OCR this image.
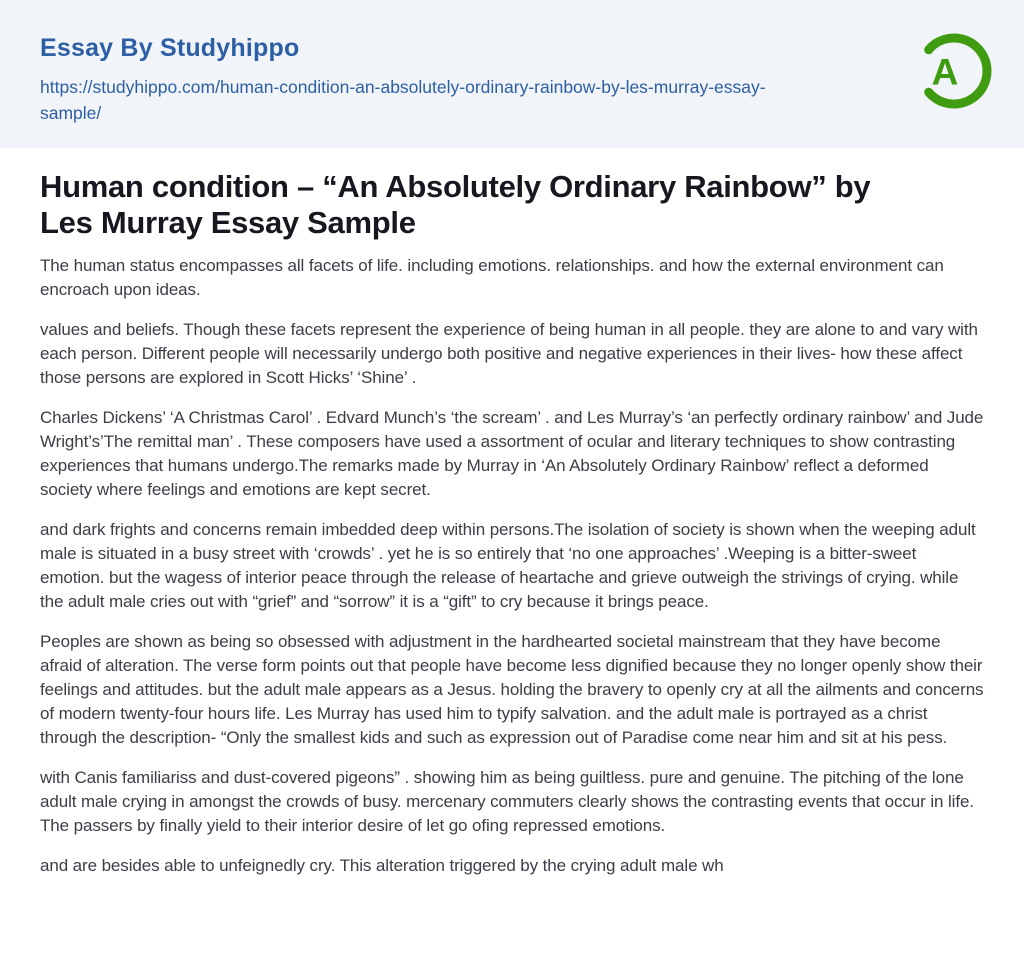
Essay By Studyhippo
https://studyhippo.com/human-condition-an-absolutely-ordinary-rainbow-by-les-murray-essay-sample/
A
Human condition – “An Absolutely Ordinary Rainbow” by Les Murray Essay Sample

The human status encompasses all facets of life. including emotions. relationships. and how the external environment can encroach upon ideas.

values and beliefs. Though these facets represent the experience of being human in all people. they are alone to and vary with each person. Different people will necessarily undergo both positive and negative experiences in their lives- how these affect those persons are explored in Scott Hicks’ ‘Shine’ .

Charles Dickens’ ‘A Christmas Carol’ . Edvard Munch’s ‘the scream’ . and Les Murray’s ‘an perfectly ordinary rainbow’ and Jude Wright’s’The remittal man’ . These composers have used a assortment of ocular and literary techniques to show contrasting experiences that humans undergo.The remarks made by Murray in ‘An Absolutely Ordinary Rainbow’ reflect a deformed society where feelings and emotions are kept secret.

and dark frights and concerns remain imbedded deep within persons.The isolation of society is shown when the weeping adult male is situated in a busy street with ‘crowds’ . yet he is so entirely that ‘no one approaches’ .Weeping is a bitter-sweet emotion. but the wagess of interior peace through the release of heartache and grieve outweigh the strivings of crying. while the adult male cries out with “grief” and “sorrow” it is a “gift” to cry because it brings peace.

Peoples are shown as being so obsessed with adjustment in the hardhearted societal mainstream that they have become afraid of alteration. The verse form points out that people have become less dignified because they no longer openly show their feelings and attitudes. but the adult male appears as a Jesus. holding the bravery to openly cry at all the ailments and concerns of modern twenty-four hours life. Les Murray has used him to typify salvation. and the adult male is portrayed as a christ through the description- “Only the smallest kids and such as expression out of Paradise come near him and sit at his pess.

with Canis familiariss and dust-covered pigeons” . showing him as being guiltless. pure and genuine. The pitching of the lone adult male crying in amongst the crowds of busy. mercenary commuters clearly shows the contrasting events that occur in life. The passers by finally yield to their interior desire of let go ofing repressed emotions.

and are besides able to unfeignedly cry. This alteration triggered by the crying adult male wh
